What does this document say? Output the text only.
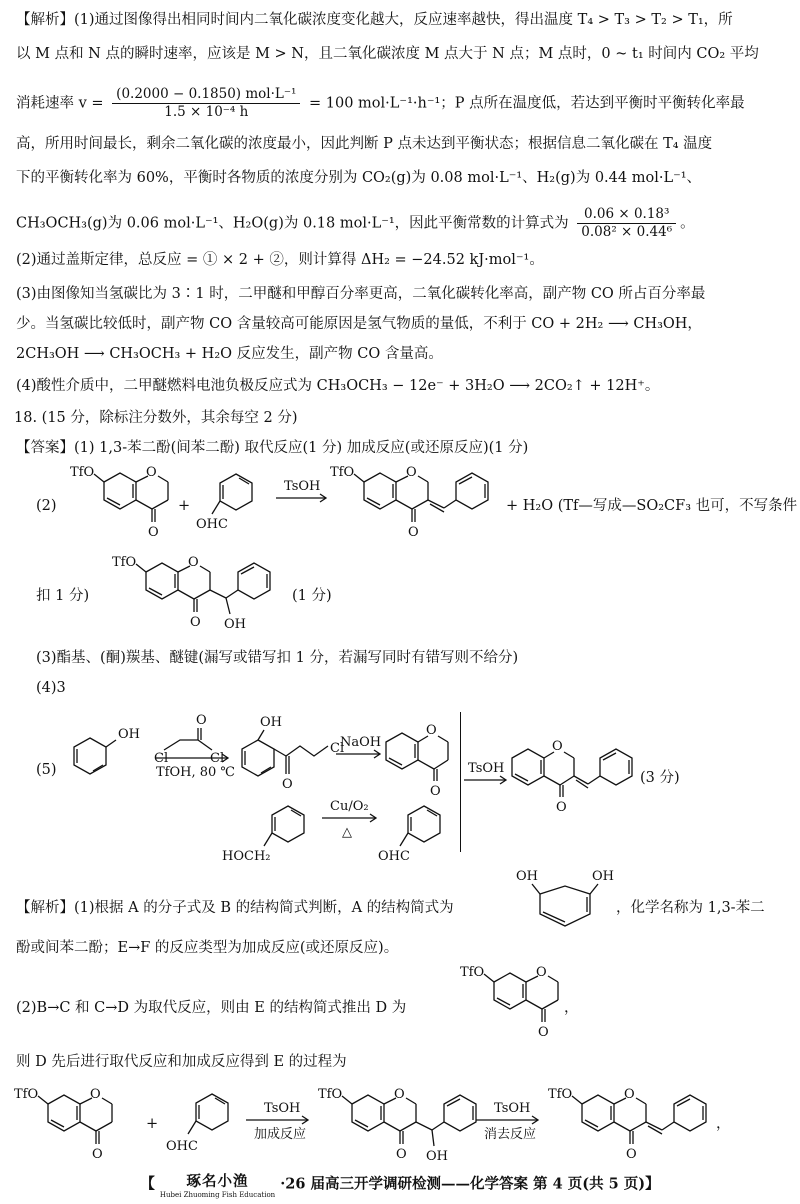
【解析】(1)通过图像得出相同时间内二氧化碳浓度变化越大，反应速率越快，得出温度 T₄ > T₃ > T₂ > T₁，所
以 M 点和 N 点的瞬时速率，应该是 M > N，且二氧化碳浓度 M 点大于 N 点；M 点时，0 ~ t₁ 时间内 CO₂ 平均
消耗速率 $v = \frac{\text{(0.2000 − 0.1850) mol·L⁻¹}}{\text{1.5 × 10⁻⁴ h}} = 100$ mol·L⁻¹·h⁻¹；P 点所在温度低，若达到平衡时平衡转化率最
高，所用时间最长，剩余二氧化碳的浓度最小，因此判断 P 点未达到平衡状态；根据信息二氧化碳在 T₄ 温度
下的平衡转化率为 60%，平衡时各物质的浓度分别为 CO₂(g)为 0.08 mol·L⁻¹、H₂(g)为 0.44 mol·L⁻¹、
CH₃OCH₃(g)为 0.06 mol·L⁻¹、H₂O(g)为 0.18 mol·L⁻¹，因此平衡常数的计算式为 $\frac{\text{0.06 × 0.18³}}{\text{0.08² × 0.44⁶}}$ 。
(2)通过盖斯定律，总反应 = ① × 2 + ②，则计算得 ΔH₂ = −24.52 kJ·mol⁻¹。
(3)由图像知当氢碳比为 3∶1 时，二甲醚和甲醇百分率更高，二氧化碳转化率高，副产物 CO 所占百分率最
少。当氢碳比较低时，副产物 CO 含量较高可能原因是氢气物质的量低，不利于 CO + 2H₂ ⟶ CH₃OH，
2CH₃OH ⟶ CH₃OCH₃ + H₂O 反应发生，副产物 CO 含量高。
(4)酸性介质中，二甲醚燃料电池负极反应式为 CH₃OCH₃ − 12e⁻ + 3H₂O ⟶ 2CO₂↑ + 12H⁺。
18. (15 分，除标注分数外，其余每空 2 分)
【答案】(1) 1,3-苯二酚(间苯二酚) 取代反应(1 分) 加成反应(或还原反应)(1 分)
(2)
TfO	O
O
+
OHC
TsOH
TfO	O
O
+ H₂O (Tf—写成—SO₂CF₃ 也可，不写条件
扣 1 分)
TfO	O
O OH
(1 分)
(3)酯基、(酮)羰基、醚键(漏写或错写扣 1 分，若漏写同时有错写则不给分)
(4)3
(5)
OH
O
Cl	Cl
TfOH, 80 ℃
OH
O
Cl
NaOH
O
O
HOCH₂
Cu/O₂
△
OHC
TsOH
O
O
(3 分)
【解析】(1)根据 A 的分子式及 B 的结构简式判断，A 的结构简式为
OH	OH
，化学名称为 1,3-苯二
酚或间苯二酚；E→F 的反应类型为加成反应(或还原反应)。
(2)B→C 和 C→D 为取代反应，则由 E 的结构简式推出 D 为
TfO	O
O
，
则 D 先后进行取代反应和加成反应得到 E 的过程为
TfO	O
O
+
OHC
TsOH
加成反应
TfO	O
O OH
TsOH
消去反应
TfO	O
O
，
【 琢名小渔
Hubei Zhuoming Fish Education
·26 届高三开学调研检测——化学答案 第 4 页(共 5 页)】
